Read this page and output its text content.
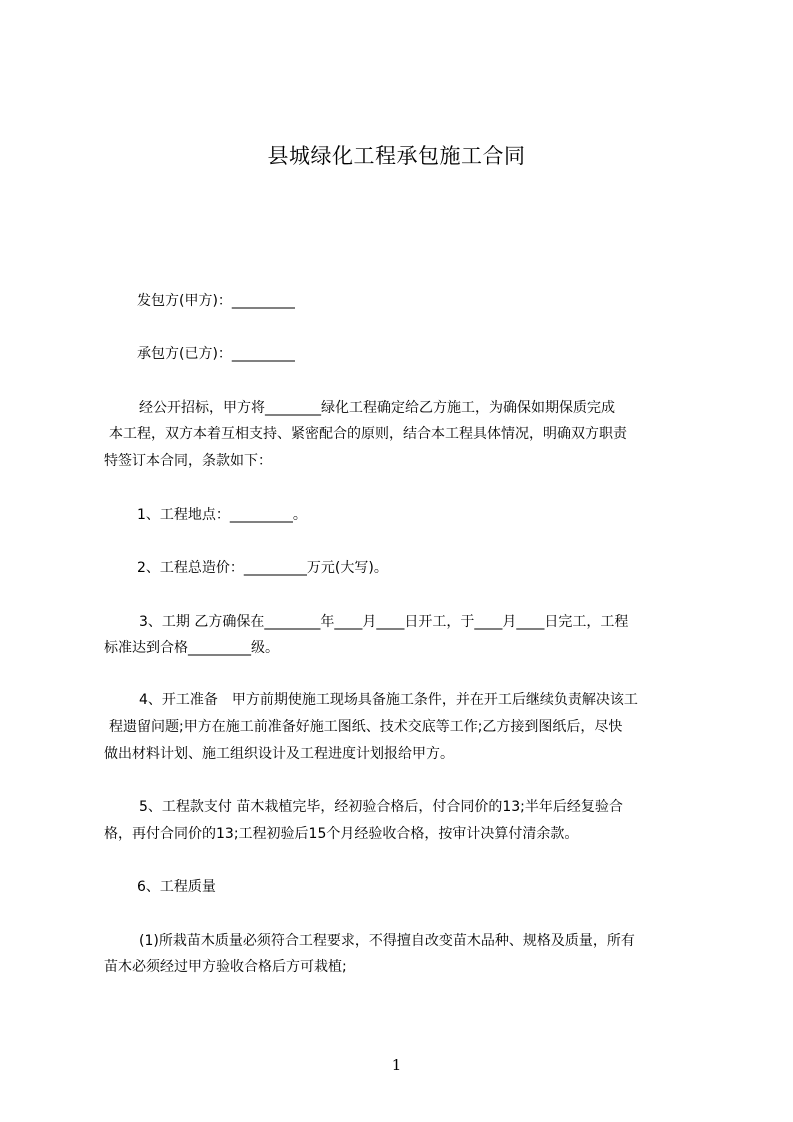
县城绿化工程承包施工合同
发包方(甲方)：_________
承包方(已方)：_________
经公开招标，甲方将________绿化工程确定给乙方施工，为确保如期保质完成
本工程，双方本着互相支持、紧密配合的原则，结合本工程具体情况，明确双方职责
特签订本合同，条款如下：
1、工程地点：_________。
2、工程总造价：_________万元(大写)。
3、工期 乙方确保在________年____月____日开工，于____月____日完工，工程
标准达到合格_________级。
4、开工准备　甲方前期使施工现场具备施工条件，并在开工后继续负责解决该工
程遗留问题;甲方在施工前准备好施工图纸、技术交底等工作;乙方接到图纸后，尽快
做出材料计划、施工组织设计及工程进度计划报给甲方。
5、工程款支付 苗木栽植完毕，经初验合格后，付合同价的13;半年后经复验合
格，再付合同价的13;工程初验后15个月经验收合格，按审计决算付清余款。
6、工程质量
(1)所栽苗木质量必须符合工程要求，不得擅自改变苗木品种、规格及质量，所有
苗木必须经过甲方验收合格后方可栽植;
1
